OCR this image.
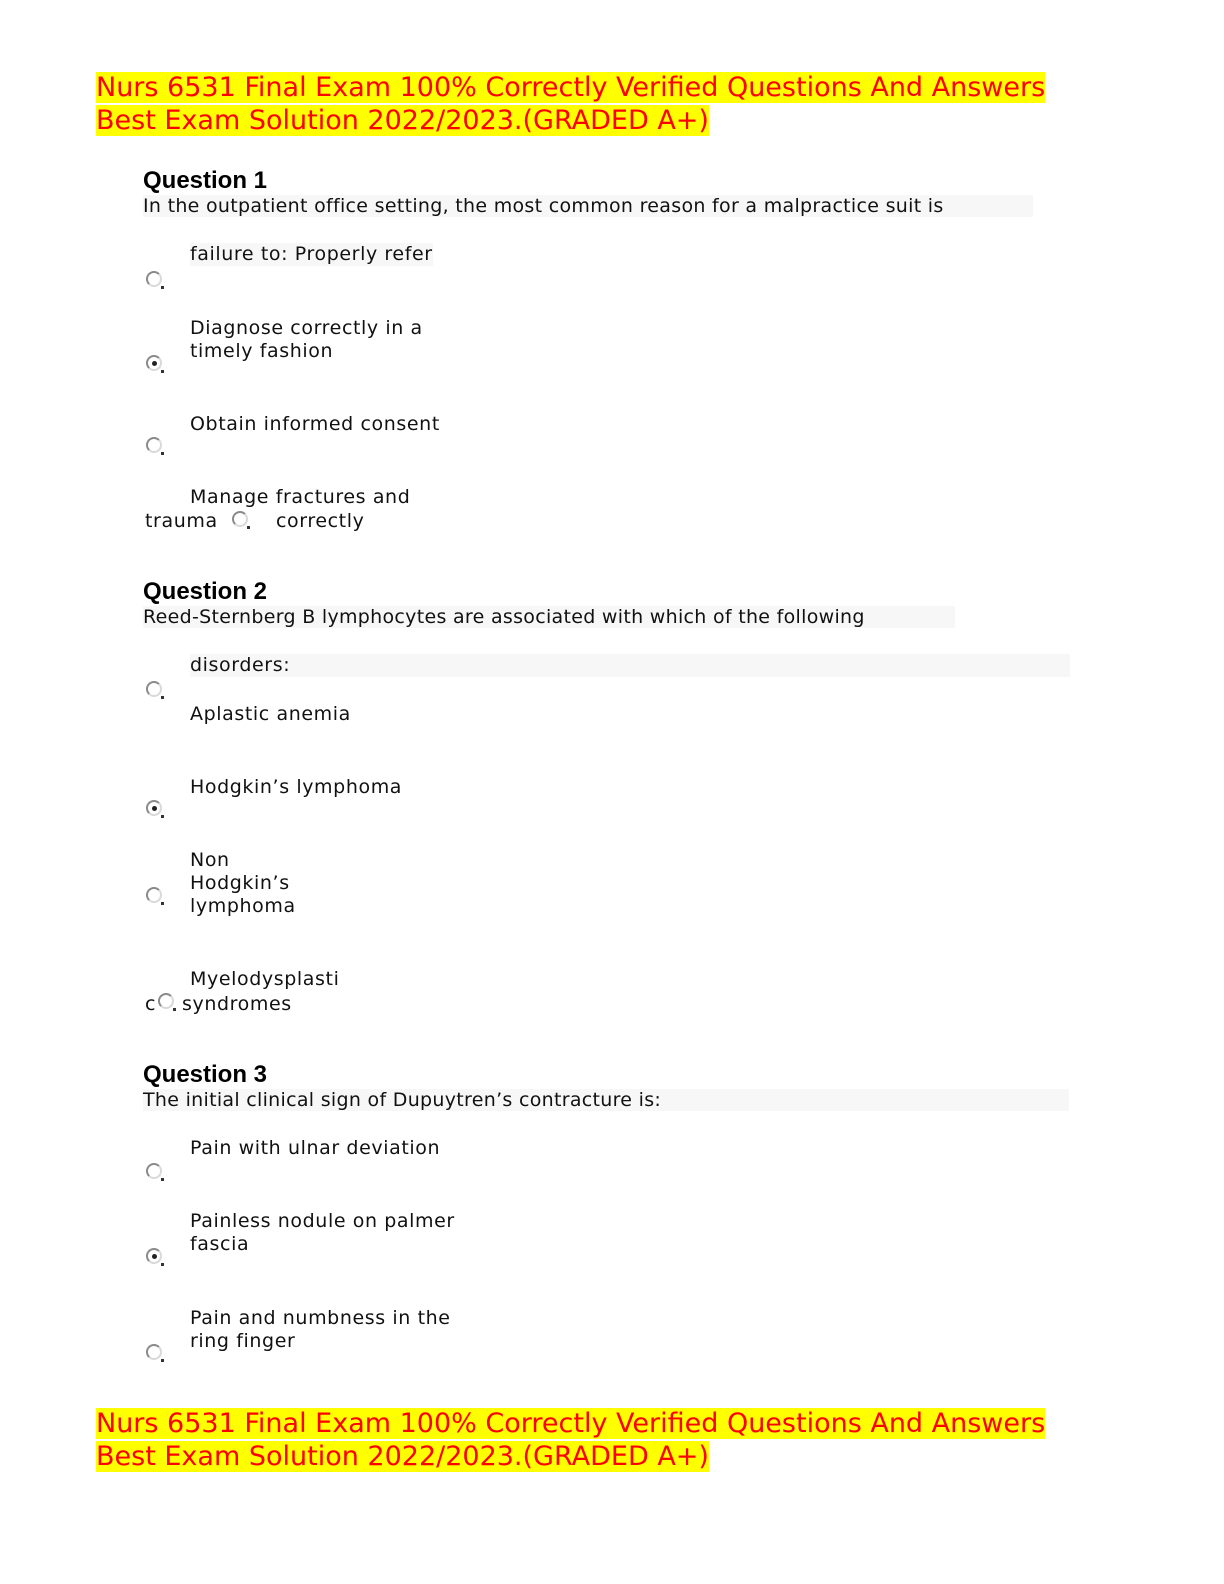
Nurs 6531 Final Exam 100% Correctly Verified Questions And Answers
Best Exam Solution 2022/2023.(GRADED A+)
Question 1
In the outpatient office setting, the most common reason for a malpractice suit is
failure to: Properly refer
Diagnose correctly in a
timely fashion
Obtain informed consent
Manage fractures and
trauma	correctly
Question 2
Reed-Sternberg B lymphocytes are associated with which of the following
disorders:
Aplastic anemia
Hodgkin’s lymphoma
Non
Hodgkin’s
lymphoma
Myelodysplasti
c syndromes
Question 3
The initial clinical sign of Dupuytren’s contracture is:
Pain with ulnar deviation
Painless nodule on palmer
fascia
Pain and numbness in the
ring finger
Nurs 6531 Final Exam 100% Correctly Verified Questions And Answers
Best Exam Solution 2022/2023.(GRADED A+)
